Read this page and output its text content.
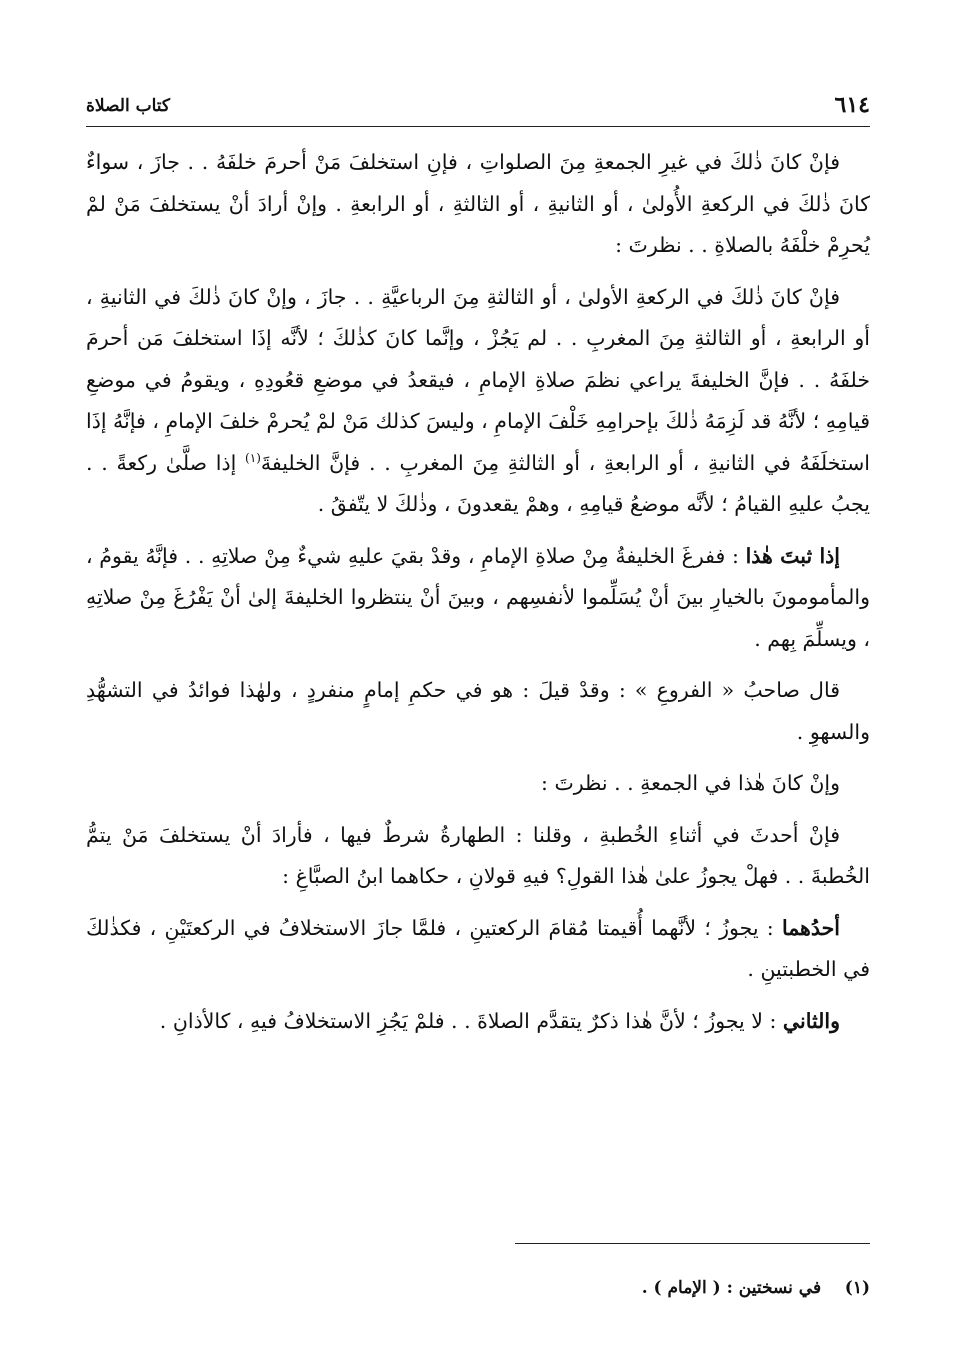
٦١٤
كتاب الصلاة

فإنْ كانَ ذٰلكَ في غيرِ الجمعةِ مِنَ الصلواتِ ، فإنِ استخلفَ مَنْ أحرمَ خلفَهُ . . جازَ ، سواءٌ كانَ ذٰلكَ في الركعةِ الأُولىٰ ، أو الثانيةِ ، أو الثالثةِ ، أو الرابعةِ . وإنْ أرادَ أنْ يستخلفَ مَنْ لمْ يُحرِمْ خلْفَهُ بالصلاةِ . . نظرتَ :

فإنْ كانَ ذٰلكَ في الركعةِ الأولىٰ ، أو الثالثةِ مِنَ الرباعيَّةِ . . جازَ ، وإنْ كانَ ذٰلكَ في الثانيةِ ، أو الرابعةِ ، أو الثالثةِ مِنَ المغربِ . . لم يَجُزْ ، وإنَّما كانَ كذٰلكَ ؛ لأنَّه إذَا استخلفَ مَن أحرمَ خلفَهُ . . فإنَّ الخليفةَ يراعي نظمَ صلاةِ الإمامِ ، فيقعدُ في موضعِ قعُودِهِ ، ويقومُ في موضعِ قيامِهِ ؛ لأنَّهُ قد لَزِمَهُ ذٰلكَ بإحرامِهِ خَلْفَ الإمامِ ، وليسَ كذلك مَنْ لمْ يُحرمْ خلفَ الإمامِ ، فإنَّهُ إذَا استخلَفَهُ في الثانيةِ ، أو الرابعةِ ، أو الثالثةِ مِنَ المغربِ . . فإنَّ الخليفةَ$^{(١)}$ إذا صلَّىٰ ركعةً . . يجبُ عليهِ القيامُ ؛ لأنَّه موضعُ قيامِهِ ، وهمْ يقعدونَ ، وذٰلكَ لا يتّفقُ .

إذا ثبتَ هٰذا : ففرغَ الخليفةُ مِنْ صلاةِ الإمامِ ، وقدْ بقيَ عليهِ شيءٌ مِنْ صلاتِهِ . . فإنَّهُ يقومُ ، والمأمومونَ بالخيارِ بينَ أنْ يُسَلِّموا لأنفسِهم ، وبينَ أنْ ينتظروا الخليفةَ إلىٰ أنْ يَفْرُغَ مِنْ صلاتِهِ ، ويسلِّمَ بِهم .

قال صاحبُ « الفروعِ » : وقدْ قيلَ : هو في حكمِ إمامٍ منفردٍ ، ولهٰذا فوائدُ في التشهُّدِ والسهوِ .

وإنْ كانَ هٰذا في الجمعةِ . . نظرتَ :

فإنْ أحدثَ في أثناءِ الخُطبةِ ، وقلنا : الطهارةُ شرطٌ فيها ، فأرادَ أنْ يستخلفَ مَنْ يتمُّ الخُطبةَ . . فهلْ يجوزُ علىٰ هٰذا القولِ؟ فيهِ قولانِ ، حكاهما ابنُ الصبَّاغِ :

أحدُهما : يجوزُ ؛ لأنَّهما أُقيمتا مُقامَ الركعتينِ ، فلمَّا جازَ الاستخلافُ في الركعتَيْنِ ، فكذٰلكَ في الخطبتينِ .

والثاني : لا يجوزُ ؛ لأنَّ هٰذا ذكرٌ يتقدَّم الصلاةَ . . فلمْ يَجُزِ الاستخلافُ فيهِ ، كالأذانِ .

(١)    في نسختين : ( الإمام ) .
